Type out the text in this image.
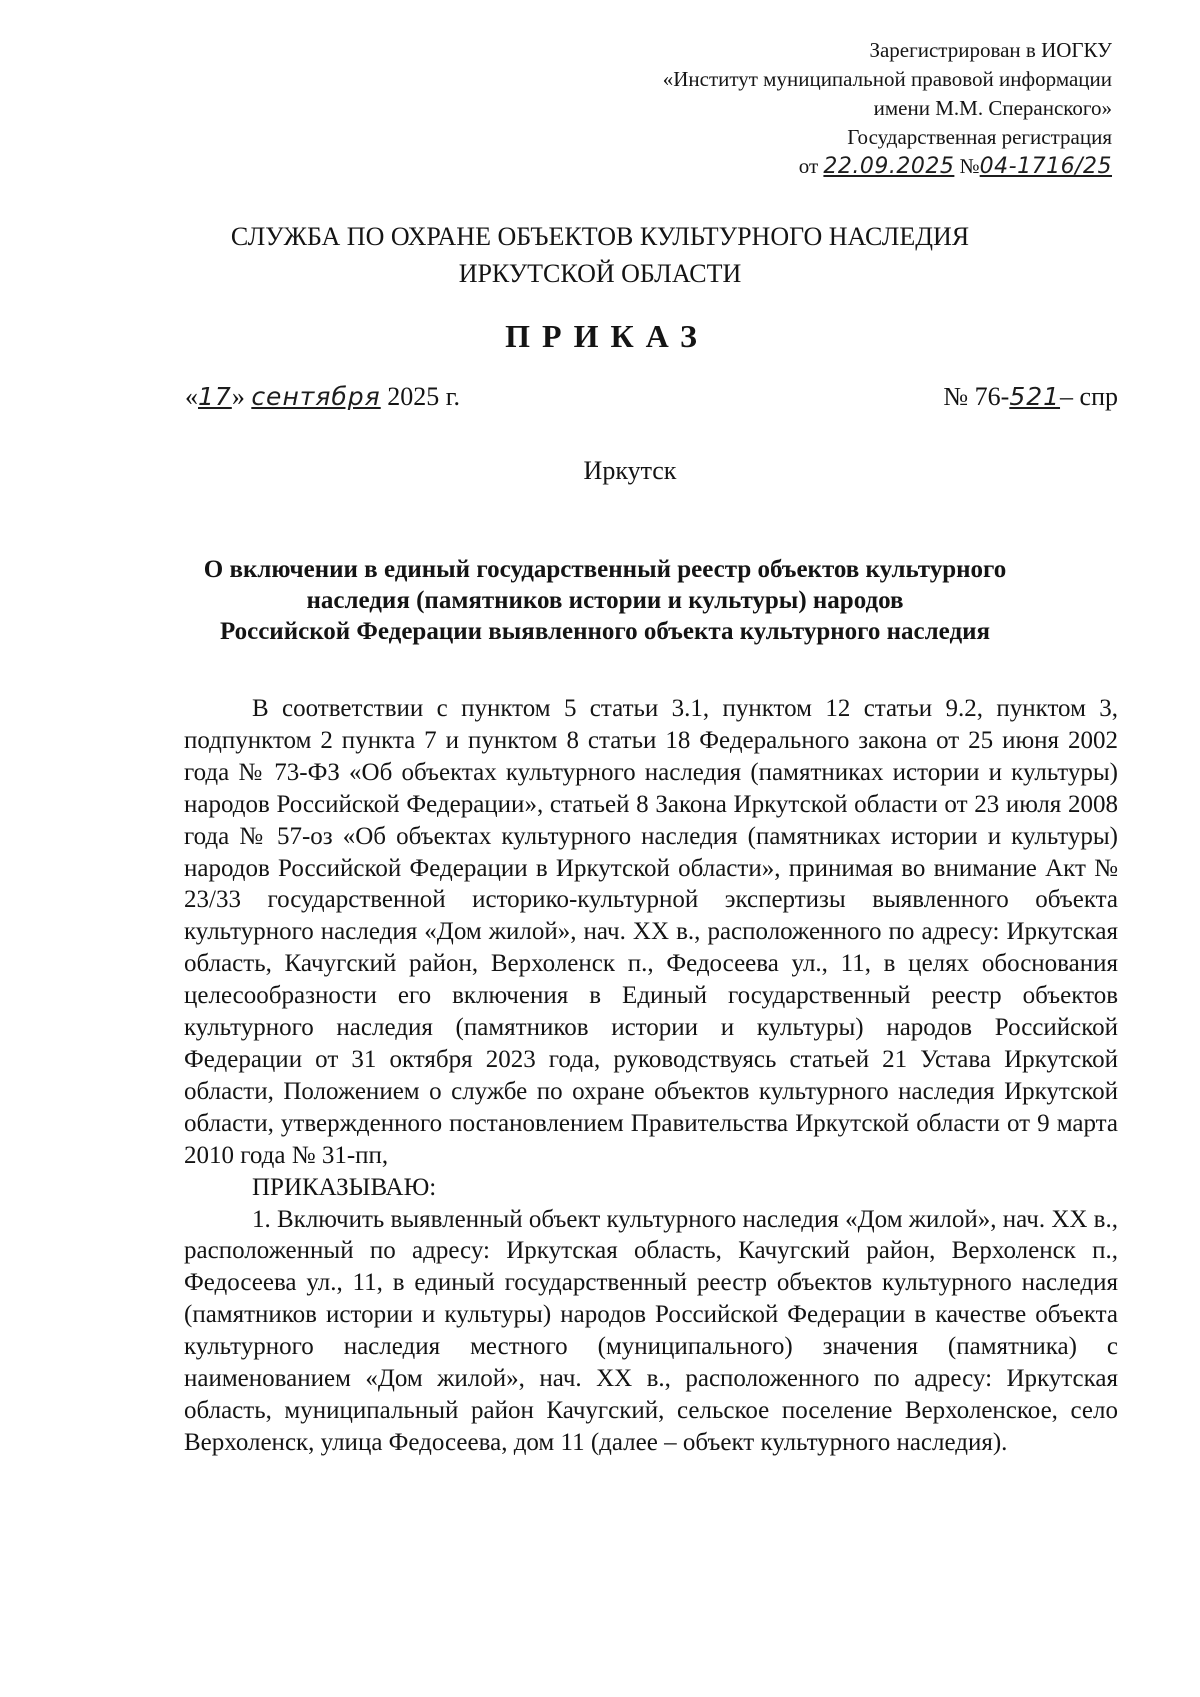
Зарегистрирован в ИОГКУ
«Институт муниципальной правовой информации
имени М.М. Сперанского»
Государственная регистрация
от 22.09.2025 №04-1716/25
СЛУЖБА ПО ОХРАНЕ ОБЪЕКТОВ КУЛЬТУРНОГО НАСЛЕДИЯ
ИРКУТСКОЙ ОБЛАСТИ
ПРИКАЗ
«17» сентября 2025 г.	№ 76-521– спр
Иркутск
О включении в единый государственный реестр объектов культурного
наследия (памятников истории и культуры) народов
Российской Федерации выявленного объекта культурного наследия

В соответствии с пунктом 5 статьи 3.1, пунктом 12 статьи 9.2, пунктом 3, подпунктом 2 пункта 7 и пунктом 8 статьи 18 Федерального закона от 25 июня 2002 года № 73-ФЗ «Об объектах культурного наследия (памятниках истории и культуры) народов Российской Федерации», статьей 8 Закона Иркутской области от 23 июля 2008 года № 57-оз «Об объектах культурного наследия (памятниках истории и культуры) народов Российской Федерации в Иркутской области», принимая во внимание Акт № 23/33 государственной историко-культурной экспертизы выявленного объекта культурного наследия «Дом жилой», нач. XX в., расположенного по адресу: Иркутская область, Качугский район, Верхоленск п., Федосеева ул., 11, в целях обоснования целесообразности его включения в Единый государственный реестр объектов культурного наследия (памятников истории и культуры) народов Российской Федерации от 31 октября 2023 года, руководствуясь статьей 21 Устава Иркутской области, Положением о службе по охране объектов культурного наследия Иркутской области, утвержденного постановлением Правительства Иркутской области от 9 марта 2010 года № 31-пп,

ПРИКАЗЫВАЮ:

1. Включить выявленный объект культурного наследия «Дом жилой», нач. XX в., расположенный по адресу: Иркутская область, Качугский район, Верхоленск п., Федосеева ул., 11, в единый государственный реестр объектов культурного наследия (памятников истории и культуры) народов Российской Федерации в качестве объекта культурного наследия местного (муниципального) значения (памятника) с наименованием «Дом жилой», нач. XX в., расположенного по адресу: Иркутская область, муниципальный район Качугский, сельское поселение Верхоленское, село Верхоленск, улица Федосеева, дом 11 (далее – объект культурного наследия).
